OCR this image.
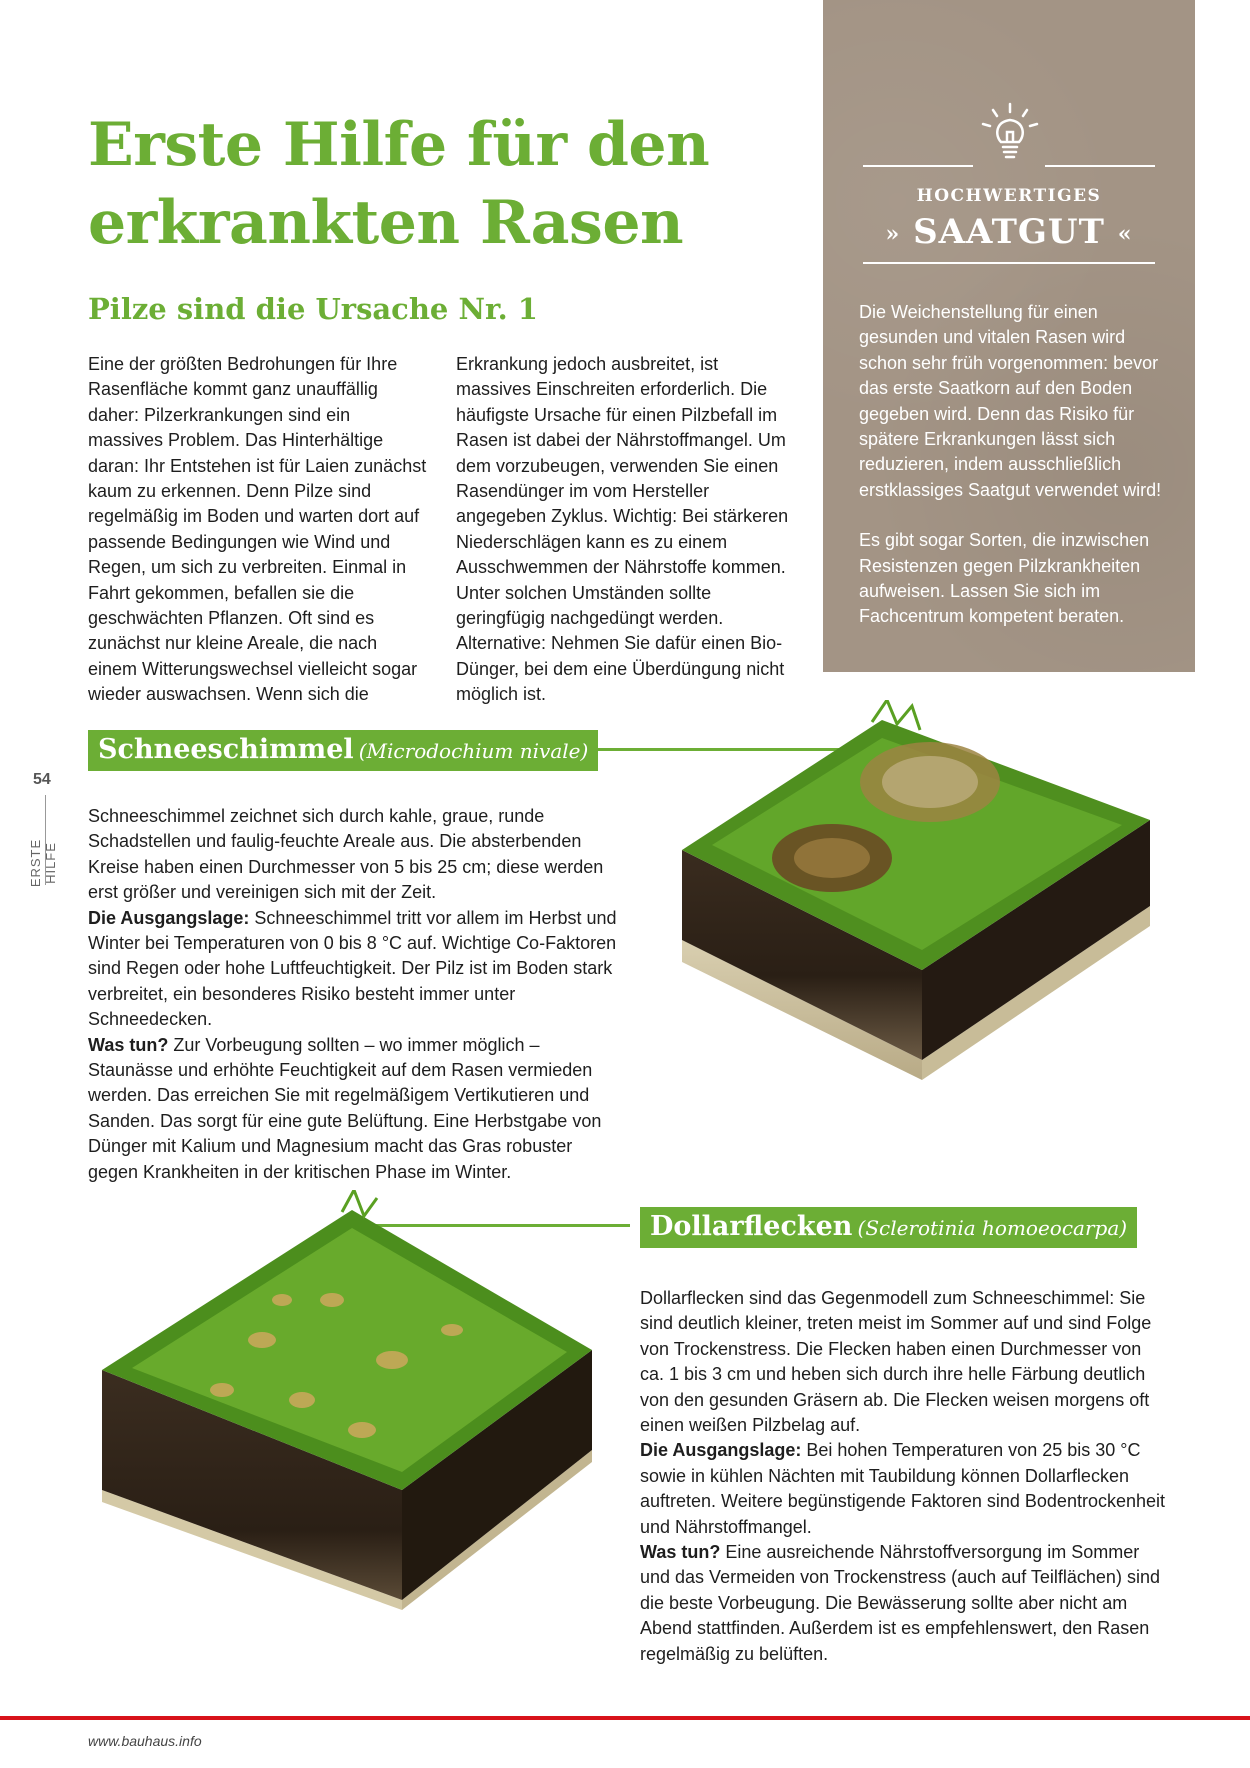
Erste Hilfe für den
erkrankten Rasen
Pilze sind die Ursache Nr. 1

Eine der größten Bedrohungen für Ihre Rasenfläche kommt ganz unauffällig daher: Pilzerkrankungen sind ein massives Problem. Das Hinterhältige daran: Ihr Entstehen ist für Laien zunächst kaum zu erkennen. Denn Pilze sind regelmäßig im Boden und warten dort auf passende Bedingungen wie Wind und Regen, um sich zu verbreiten. Einmal in Fahrt gekommen, befallen sie die geschwächten Pflanzen. Oft sind es zunächst nur kleine Areale, die nach einem Witterungswechsel vielleicht sogar wieder auswachsen. Wenn sich die

Erkrankung jedoch ausbreitet, ist massives Einschreiten erforderlich. Die häufigste Ursache für einen Pilzbefall im Rasen ist dabei der Nährstoffmangel. Um dem vorzubeugen, verwenden Sie einen Rasendünger im vom Hersteller angegeben Zyklus. Wichtig: Bei stärkeren Niederschlägen kann es zu einem Ausschwemmen der Nährstoffe kommen. Unter solchen Umständen sollte geringfügig nachgedüngt werden. Alternative: Nehmen Sie dafür einen Bio-Dünger, bei dem eine Überdüngung nicht möglich ist.

HOCHWERTIGES
» SAATGUT «

Die Weichenstellung für einen gesunden und vitalen Rasen wird schon sehr früh vorgenommen: bevor das erste Saatkorn auf den Boden gegeben wird. Denn das Risiko für spätere Erkrankungen lässt sich reduzieren, indem ausschließlich erstklassiges Saatgut verwendet wird!

Es gibt sogar Sorten, die inzwischen Resistenzen gegen Pilzkrankheiten aufweisen. Lassen Sie sich im Fachcentrum kompetent beraten.

54
ERSTE HILFE
Schneeschimmel (Microdochium nivale)

Schneeschimmel zeichnet sich durch kahle, graue, runde Schadstellen und faulig-feuchte Areale aus. Die absterbenden Kreise haben einen Durchmesser von 5 bis 25 cm; diese werden erst größer und vereinigen sich mit der Zeit.

Die Ausgangslage: Schneeschimmel tritt vor allem im Herbst und Winter bei Temperaturen von 0 bis 8 °C auf. Wichtige Co-Faktoren sind Regen oder hohe Luftfeuchtigkeit. Der Pilz ist im Boden stark verbreitet, ein besonderes Risiko besteht immer unter Schneedecken.

Was tun? Zur Vorbeugung sollten – wo immer möglich – Staunässe und erhöhte Feuchtigkeit auf dem Rasen vermieden werden. Das erreichen Sie mit regelmäßigem Vertikutieren und Sanden. Das sorgt für eine gute Belüftung. Eine Herbstgabe von Dünger mit Kalium und Magnesium macht das Gras robuster gegen Krankheiten in der kritischen Phase im Winter.

Dollarflecken (Sclerotinia homoeocarpa)

Dollarflecken sind das Gegenmodell zum Schneeschimmel: Sie sind deutlich kleiner, treten meist im Sommer auf und sind Folge von Trockenstress. Die Flecken haben einen Durchmesser von ca. 1 bis 3 cm und heben sich durch ihre helle Färbung deutlich von den gesunden Gräsern ab. Die Flecken weisen morgens oft einen weißen Pilzbelag auf.

Die Ausgangslage: Bei hohen Temperaturen von 25 bis 30 °C sowie in kühlen Nächten mit Taubildung können Dollarflecken auftreten. Weitere begünstigende Faktoren sind Bodentrockenheit und Nährstoffmangel.

Was tun? Eine ausreichende Nährstoffversorgung im Sommer und das Vermeiden von Trockenstress (auch auf Teilflächen) sind die beste Vorbeugung. Die Bewässerung sollte aber nicht am Abend stattfinden. Außerdem ist es empfehlenswert, den Rasen regelmäßig zu belüften.

www.bauhaus.info
